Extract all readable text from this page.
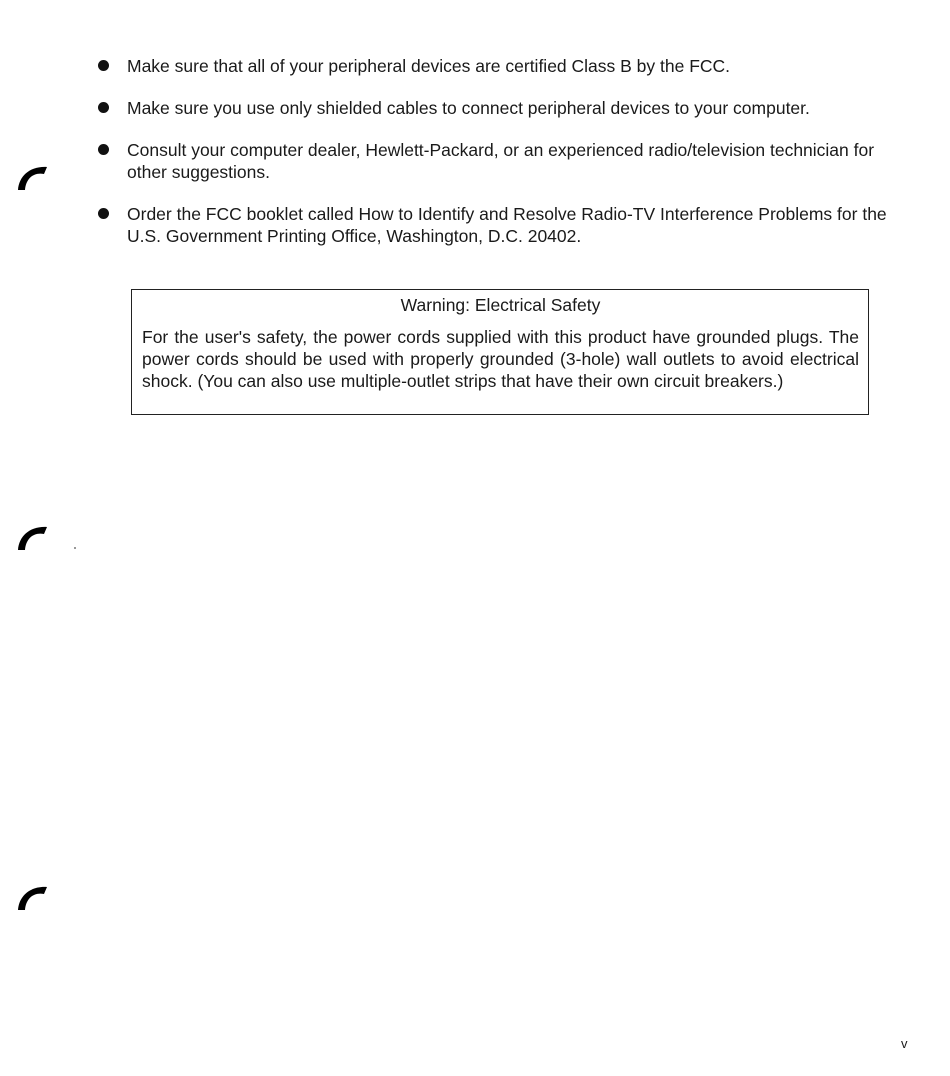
Make sure that all of your peripheral devices are certified Class B by the FCC.
Make sure you use only shielded cables to connect peripheral devices to your computer.
Consult your computer dealer, Hewlett-Packard, or an experienced radio/television technician for other suggestions.
Order the FCC booklet called How to Identify and Resolve Radio-TV Interference Problems for the U.S. Government Printing Office, Washington, D.C. 20402.
Warning: Electrical Safety
For the user's safety, the power cords supplied with this product have grounded plugs. The power cords should be used with properly grounded (3-hole) wall outlets to avoid electrical shock. (You can also use multiple-outlet strips that have their own circuit breakers.)
v
